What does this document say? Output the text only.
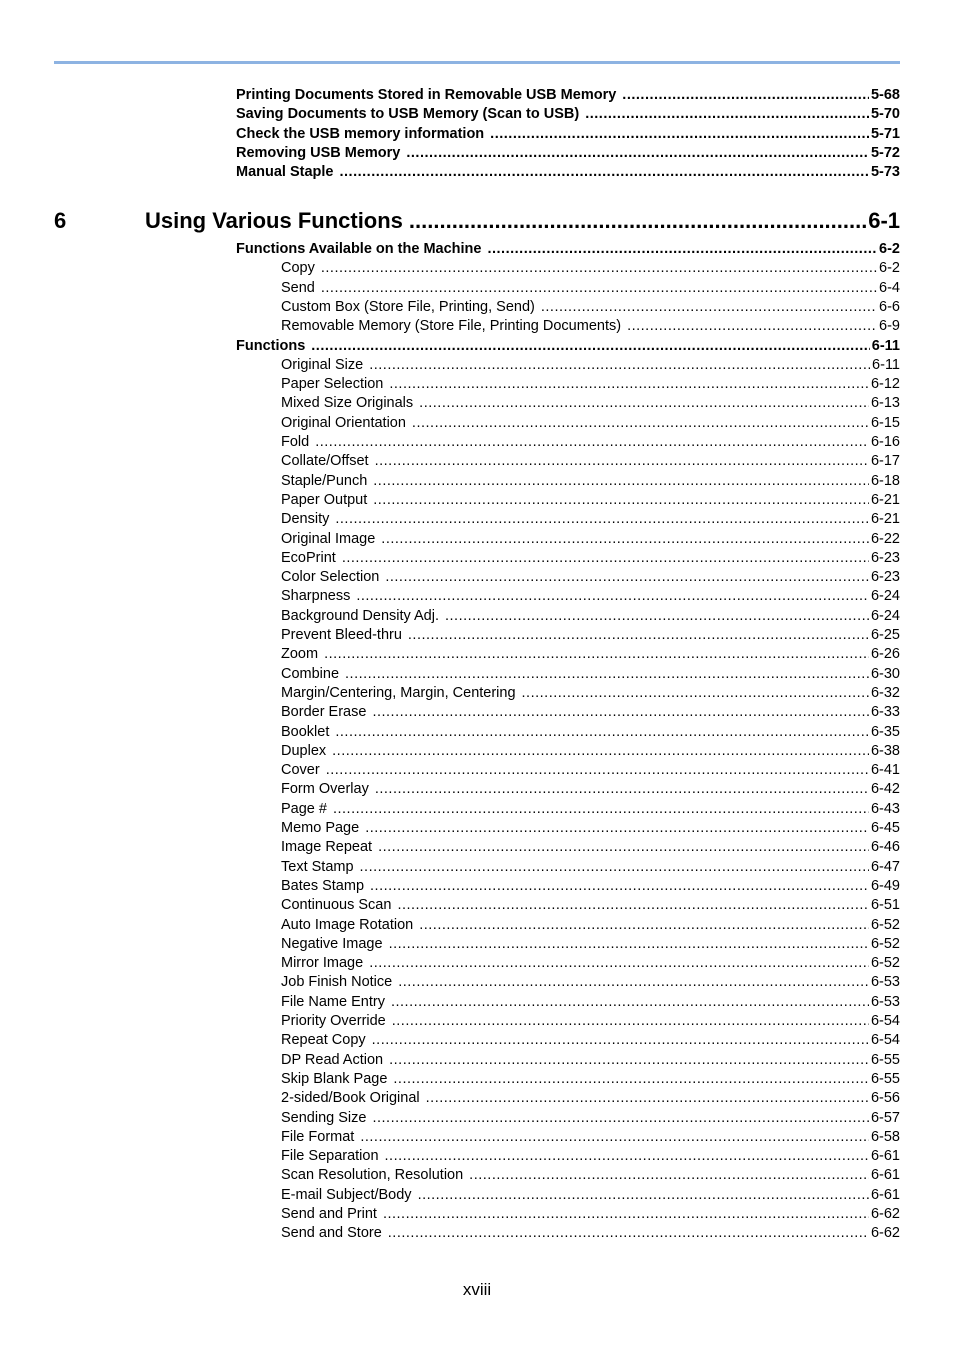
Printing Documents Stored in Removable USB Memory .....	5-68
Saving Documents to USB Memory (Scan to USB) .....	5-70
Check the USB memory information .....	5-71
Removing USB Memory .....	5-72
Manual Staple .....	5-73
6	Using Various Functions .....	6-1
Functions Available on the Machine .....	6-2
Copy .....	6-2
Send .....	6-4
Custom Box (Store File, Printing, Send) .....	6-6
Removable Memory (Store File, Printing Documents) .....	6-9
Functions .....	6-11
Original Size .....	6-11
Paper Selection .....	6-12
Mixed Size Originals .....	6-13
Original Orientation .....	6-15
Fold .....	6-16
Collate/Offset .....	6-17
Staple/Punch .....	6-18
Paper Output .....	6-21
Density .....	6-21
Original Image .....	6-22
EcoPrint .....	6-23
Color Selection .....	6-23
Sharpness .....	6-24
Background Density Adj. .....	6-24
Prevent Bleed-thru .....	6-25
Zoom .....	6-26
Combine .....	6-30
Margin/Centering, Margin, Centering .....	6-32
Border Erase .....	6-33
Booklet .....	6-35
Duplex .....	6-38
Cover .....	6-41
Form Overlay .....	6-42
Page # .....	6-43
Memo Page .....	6-45
Image Repeat .....	6-46
Text Stamp .....	6-47
Bates Stamp .....	6-49
Continuous Scan .....	6-51
Auto Image Rotation .....	6-52
Negative Image .....	6-52
Mirror Image .....	6-52
Job Finish Notice .....	6-53
File Name Entry .....	6-53
Priority Override .....	6-54
Repeat Copy .....	6-54
DP Read Action .....	6-55
Skip Blank Page .....	6-55
2-sided/Book Original .....	6-56
Sending Size .....	6-57
File Format .....	6-58
File Separation .....	6-61
Scan Resolution, Resolution .....	6-61
E-mail Subject/Body .....	6-61
Send and Print .....	6-62
Send and Store .....	6-62
xviii
